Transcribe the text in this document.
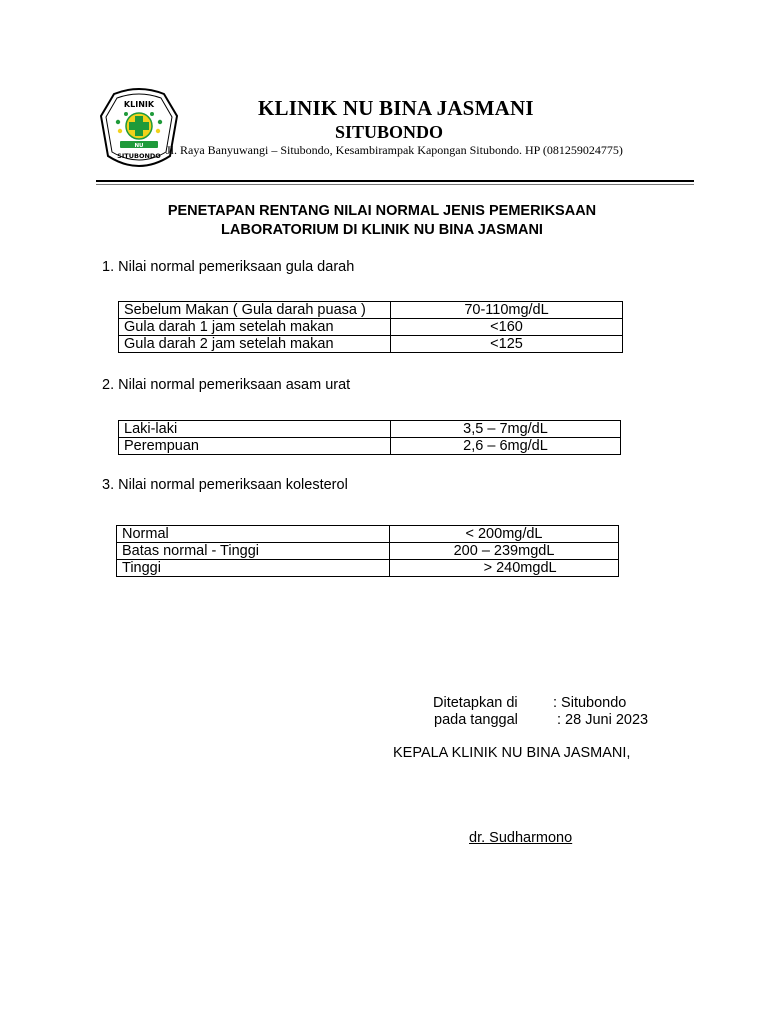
KLINIK
NU
SITUBONDO
KLINIK NU BINA JASMANI
SITUBONDO
Jl. Raya Banyuwangi – Situbondo, Kesambirampak Kapongan Situbondo. HP (081259024775)
PENETAPAN RENTANG NILAI NORMAL JENIS PEMERIKSAAN
LABORATORIUM DI KLINIK NU BINA JASMANI
1. Nilai normal pemeriksaan gula darah
Sebelum Makan ( Gula darah puasa )	70-110mg/dL
Gula darah 1 jam setelah makan	<160
Gula darah 2 jam setelah makan	<125
2. Nilai normal pemeriksaan asam urat
Laki-laki	3,5 – 7mg/dL
Perempuan	2,6 – 6mg/dL
3. Nilai normal pemeriksaan kolesterol
Normal	< 200mg/dL
Batas normal - Tinggi	200 – 239mgdL
Tinggi	> 240mgdL
Ditetapkan di : Situbondo
pada tanggal	: 28 Juni 2023
KEPALA KLINIK NU BINA JASMANI,
dr. Sudharmono
